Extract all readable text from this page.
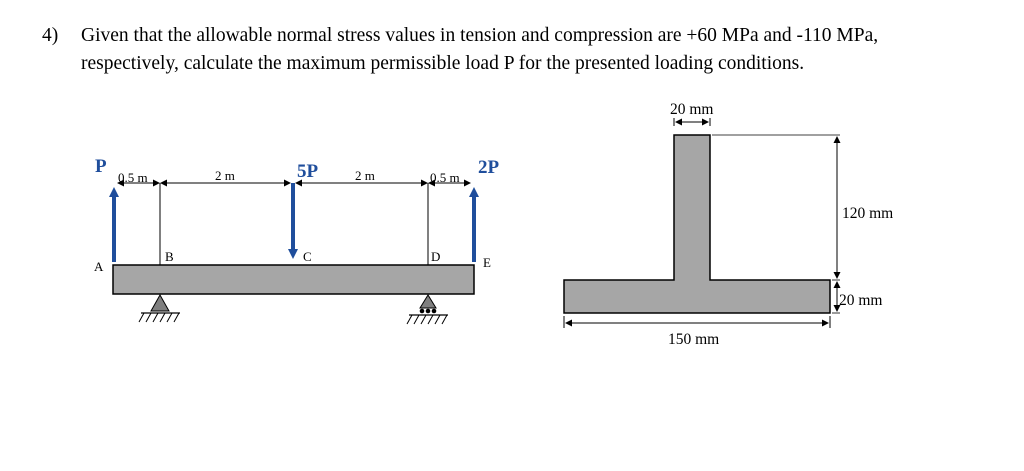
4) Given that the allowable normal stress values in tension and compression are +60 MPa and -110 MPa,
respectively, calculate the maximum permissible load P for the presented loading conditions.
P	5P	2P
0.5 m	2 m	2 m	0.5 m
A
B	C	D	E
20 mm
120 mm
20 mm
150 mm
